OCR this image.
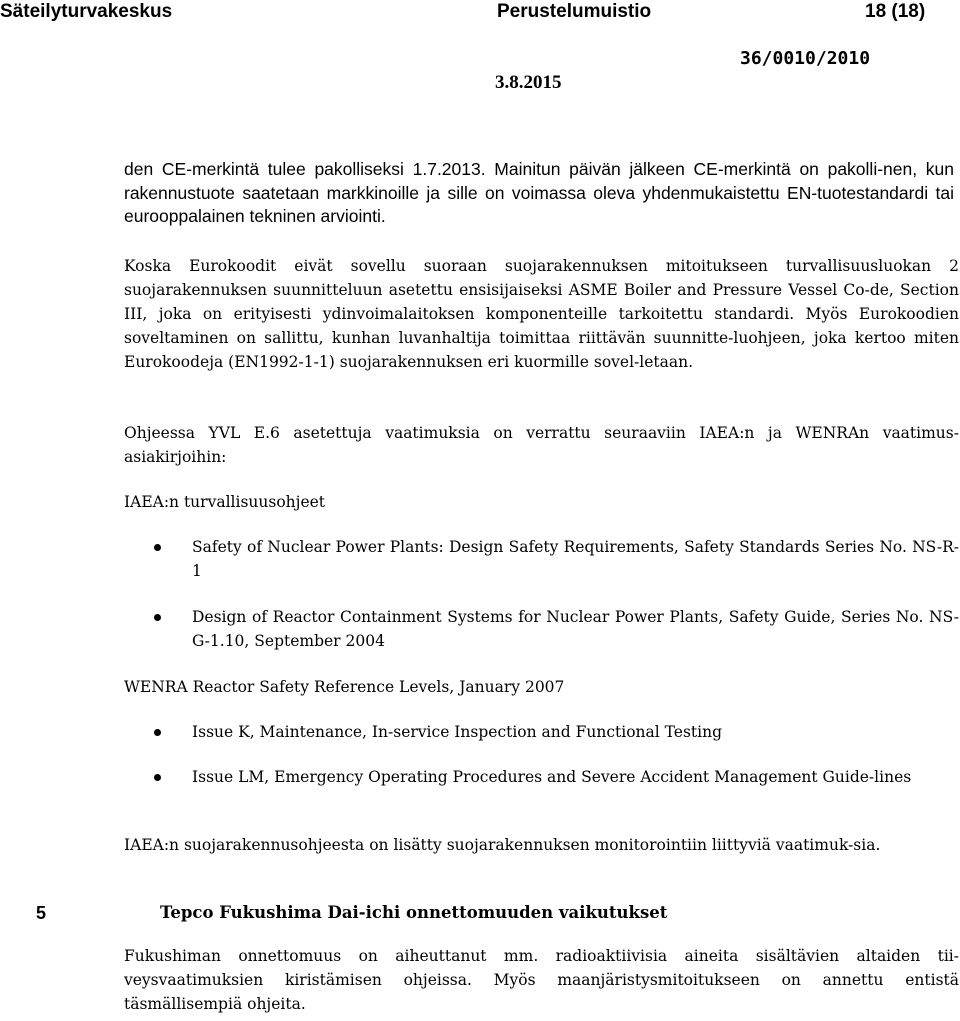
Säteilyturvakeskus	Perustelumuistio	18 (18)
36/0010/2010
3.8.2015

den CE-merkintä tulee pakolliseksi 1.7.2013. Mainitun päivän jälkeen CE-merkintä on pakolli-nen, kun rakennustuote saatetaan markkinoille ja sille on voimassa oleva yhdenmukaistettu EN-tuotestandardi tai eurooppalainen tekninen arviointi.

Koska Eurokoodit eivät sovellu suoraan suojarakennuksen mitoitukseen turvallisuusluokan 2 suojarakennuksen suunnitteluun asetettu ensisijaiseksi ASME Boiler and Pressure Vessel Co-de, Section III, joka on erityisesti ydinvoimalaitoksen komponenteille tarkoitettu standardi. Myös Eurokoodien soveltaminen on sallittu, kunhan luvanhaltija toimittaa riittävän suunnitte-luohjeen, joka kertoo miten Eurokoodeja (EN1992-1-1) suojarakennuksen eri kuormille sovel-letaan.

Ohjeessa YVL E.6 asetettuja vaatimuksia on verrattu seuraaviin IAEA:n ja WENRAn vaatimus-asiakirjoihin:

IAEA:n turvallisuusohjeet

Safety of Nuclear Power Plants: Design Safety Requirements, Safety Standards Series No. NS-R-1

Design of Reactor Containment Systems for Nuclear Power Plants, Safety Guide, Series No. NS-G-1.10, September 2004

WENRA Reactor Safety Reference Levels, January 2007

Issue K, Maintenance, In-service Inspection and Functional Testing

Issue LM, Emergency Operating Procedures and Severe Accident Management Guide-lines

IAEA:n suojarakennusohjeesta on lisätty suojarakennuksen monitorointiin liittyviä vaatimuk-sia.

5	Tepco Fukushima Dai-ichi onnettomuuden vaikutukset

Fukushiman onnettomuus on aiheuttanut mm. radioaktiivisia aineita sisältävien altaiden tii-veysvaatimuksien kiristämisen ohjeissa. Myös maanjäristysmitoitukseen on annettu entistä täsmällisempiä ohjeita.
